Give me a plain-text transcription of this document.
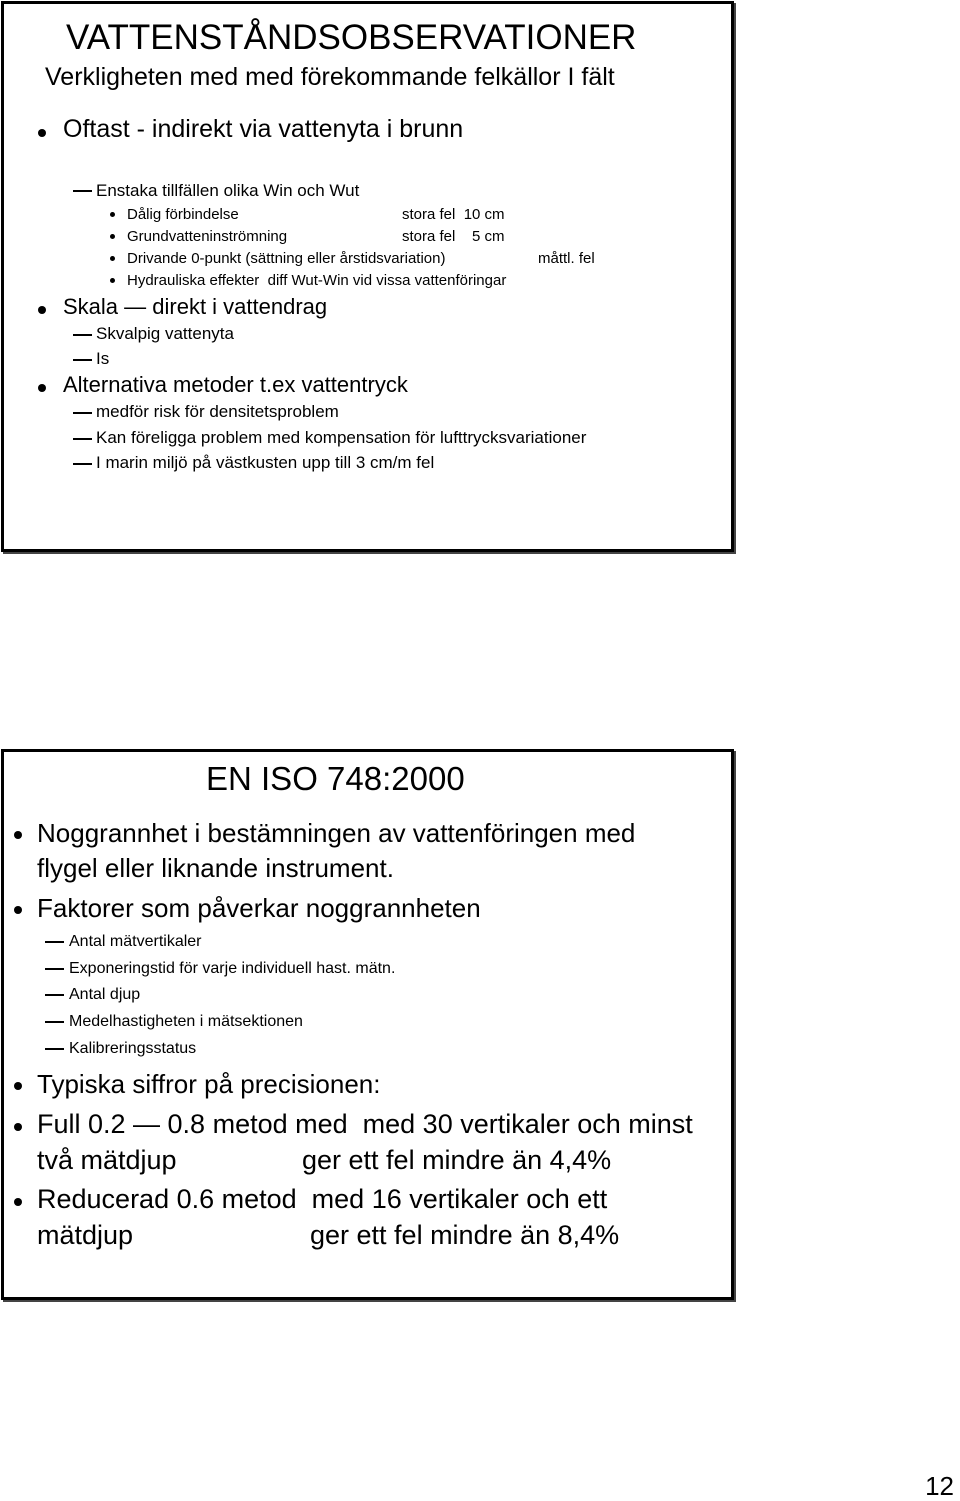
VATTENSTÅNDSOBSERVATIONER
Verkligheten med med förekommande felkällor I fält
Oftast - indirekt via vattenyta i brunn
Enstaka tillfällen olika Win och Wut
Dålig förbindelse	stora fel  10 cm
Grundvatteninströmning	stora fel    5 cm
Drivande 0-punkt (sättning eller årstidsvariation)	måttl. fel
Hydrauliska effekter  diff Wut-Win vid vissa vattenföringar
Skala — direkt i vattendrag
Skvalpig vattenyta
Is
Alternativa metoder t.ex vattentryck
medför risk för densitetsproblem
Kan föreligga problem med kompensation för lufttrycksvariationer
I marin miljö på västkusten upp till 3 cm/m fel
EN ISO 748:2000
Noggrannhet i bestämningen av vattenföringen med
flygel eller liknande instrument.
Faktorer som påverkar noggrannheten
Antal mätvertikaler
Exponeringstid för varje individuell hast. mätn.
Antal djup
Medelhastigheten i mätsektionen
Kalibreringsstatus
Typiska siffror på precisionen:
Full 0.2 — 0.8 metod med  med 30 vertikaler och minst
två mätdjup	ger ett fel mindre än 4,4%
Reducerad 0.6 metod  med 16 vertikaler och ett
mätdjup	ger ett fel mindre än 8,4%
12
